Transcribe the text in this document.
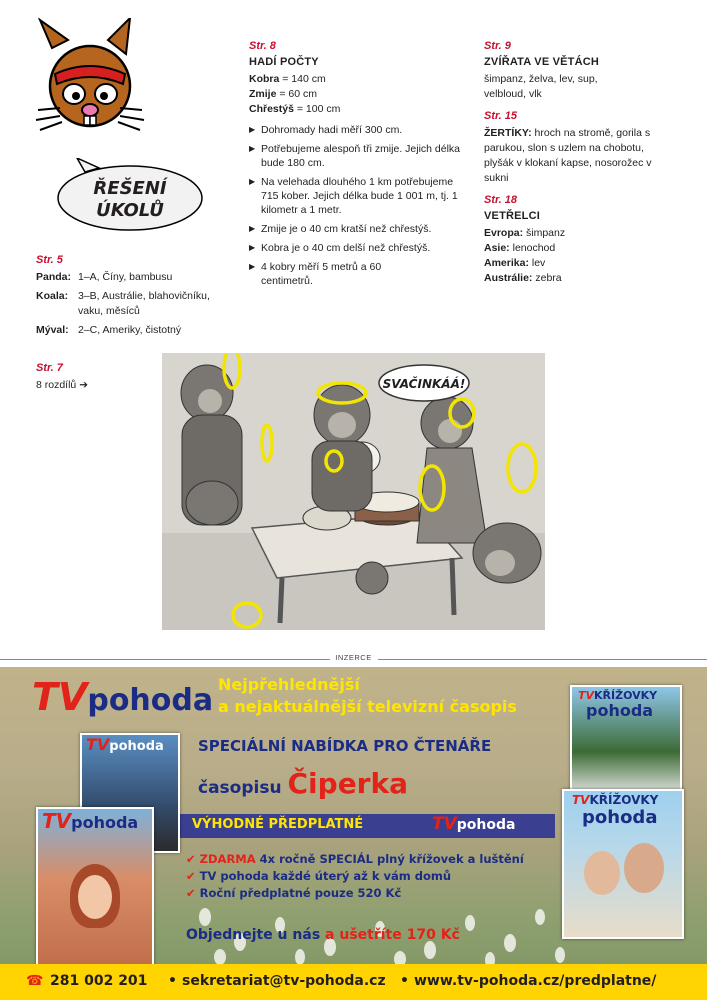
ŘEŠENÍ
ÚKOLŮ
Str. 5
Panda: 1–A, Číny, bambusu
Koala: 3–B, Austrálie, blahovičníku, vaku, měsíců
Mýval: 2–C, Ameriky, čistotný
Str. 7
8 rozdílů ➔
Str. 8
HADÍ POČTY
Kobra = 140 cm
Zmije = 60 cm
Chřestýš = 100 cm
▶ Dohromady hadi měří 300 cm.
▶ Potřebujeme alespoň tři zmije. Jejich délka bude 180 cm.
▶ Na velehada dlouhého 1 km potřebujeme 715 kober. Jejich délka bude 1 001 m, tj. 1 kilometr a 1 metr.
▶ Zmije je o 40 cm kratší než chřestýš.
▶ Kobra je o 40 cm delší než chřestýš.
▶ 4 kobry měří 5 metrů a 60 centimetrů.
Str. 9
ZVÍŘATA VE VĚTÁCH
šimpanz, želva, lev, sup, velbloud, vlk
Str. 15
ŽERTÍKY: hroch na stromě, gorila s parukou, slon s uzlem na chobotu, plyšák v klokaní kapse, nosorožec v sukni
Str. 18
VETŘELCI
Evropa: šimpanz
Asie: lenochod
Amerika: lev
Austrálie: zebra
SVAČINKÁÁ!
INZERCE
TVpohoda Nejpřehlednější
a nejaktuálnější televizní časopis
SPECIÁLNÍ NABÍDKA PRO ČTENÁŘE
časopisu Čiperka
VÝHODNÉ PŘEDPLATNÉ	TVpohoda
✔ ZDARMA 4x ročně SPECIÁL plný křížovek a luštění
✔ TV pohoda každé úterý až k vám domů
✔ Roční předplatné pouze 520 Kč
Objednejte u nás a ušetříte 170 Kč
TVpohoda
TVpohoda
TVKŘÍŽOVKY
pohoda
TVKŘÍŽOVKY
pohoda
☎ 281 002 201 • sekretariat@tv-pohoda.cz • www.tv-pohoda.cz/predplatne/
